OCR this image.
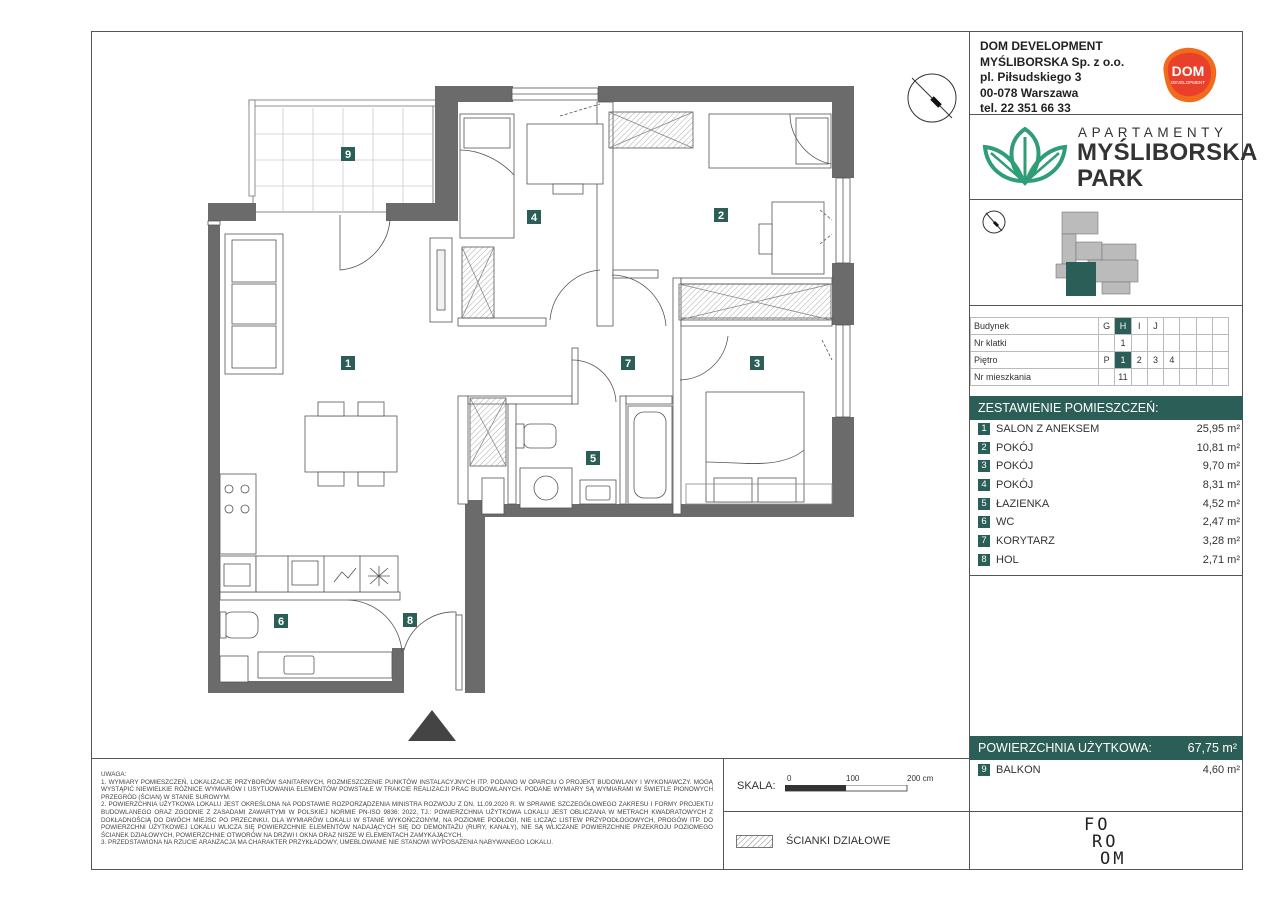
DOM DEVELOPMENT
MYŚLIBORSKA Sp. z o.o.
pl. Piłsudskiego 3
00-078 Warszawa
tel. 22 351 66 33
DOM
DEVELOPMENT
APARTAMENTY
MYŚLIBORSKA
PARK
Budynek	G	H	I	J				
Nr klatki		1						
Piętro	P	1	2	3	4			
Nr mieszkania		11						
ZESTAWIENIE POMIESZCZEŃ:
1 SALON Z ANEKSEM	25,95 m²
2 POKÓJ	10,81 m²
3 POKÓJ	9,70 m²
4 POKÓJ	8,31 m²
5 ŁAZIENKA	4,52 m²
6 WC	2,47 m²
7 KORYTARZ	3,28 m²
8 HOL	2,71 m²
POWIERZCHNIA UŻYTKOWA:	67,75 m²
9 BALKON	4,60 m²
FO
RO
OM

UWAGA:

1. WYMIARY POMIESZCZEŃ, LOKALIZACJE PRZYBORÓW SANITARNYCH, ROZMIESZCZENIE PUNKTÓW INSTALACYJNYCH ITP. PODANO W OPARCIU O PROJEKT BUDOWLANY I WYKONAWCZY. MOGĄ WYSTĄPIĆ NIEWIELKIE RÓŻNICE WYMIARÓW I USYTUOWANIA ELEMENTÓW POWSTAŁE W TRAKCIE REALIZACJI PRAC BUDOWLANYCH. PODANE WYMIARY SĄ WYMIARAMI W ŚWIETLE PIONOWYCH PRZEGRÓD (ŚCIAN) W STANIE SUROWYM.

2. POWIERZCHNIA UŻYTKOWA LOKALU JEST OKREŚLONA NA PODSTAWIE ROZPORZĄDZENIA MINISTRA ROZWOJU Z DN. 11.09.2020 R. W SPRAWIE SZCZEGÓŁOWEGO ZAKRESU I FORMY PROJEKTU BUDOWLANEGO ORAZ ZGODNIE Z ZASADAMI ZAWARTYMI W POLSKIEJ NORMIE PN-ISO 9836: 2022, TJ.: POWIERZCHNIA UŻYTKOWA LOKALU JEST OBLICZANA W METRACH KWADRATOWYCH Z DOKŁADNOŚCIĄ DO DWÓCH MIEJSC PO PRZECINKU, DLA WYMIARÓW LOKALU W STANIE WYKOŃCZONYM, NA POZIOMIE PODŁOGI, NIE LICZĄC LISTEW PRZYPODŁOGOWYCH, PROGÓW ITP. DO POWIERZCHNI UŻYTKOWEJ LOKALU WLICZA SIĘ POWIERZCHNIE ELEMENTÓW NADAJĄCYCH SIĘ DO DEMONTAŻU (RURY, KANAŁY), NIE SĄ WLICZANE POWIERZCHNIE PRZEKROJU POZIOMEGO ŚCIANEK DZIAŁOWYCH, POWIERZCHNIE OTWORÓW NA DRZWI I OKNA ORAZ NISZE W ELEMENTACH ZAMYKAJĄCYCH.

3. PRZEDSTAWIONA NA RZUCIE ARANŻACJA MA CHARAKTER PRZYKŁADOWY, UMEBLOWANIE NIE STANOWI WYPOSAŻENIA NABYWANEGO LOKALU.

SKALA:
0	100	200 cm
ŚCIANKI DZIAŁOWE
1
2
3
4
5
6
7
8
9
